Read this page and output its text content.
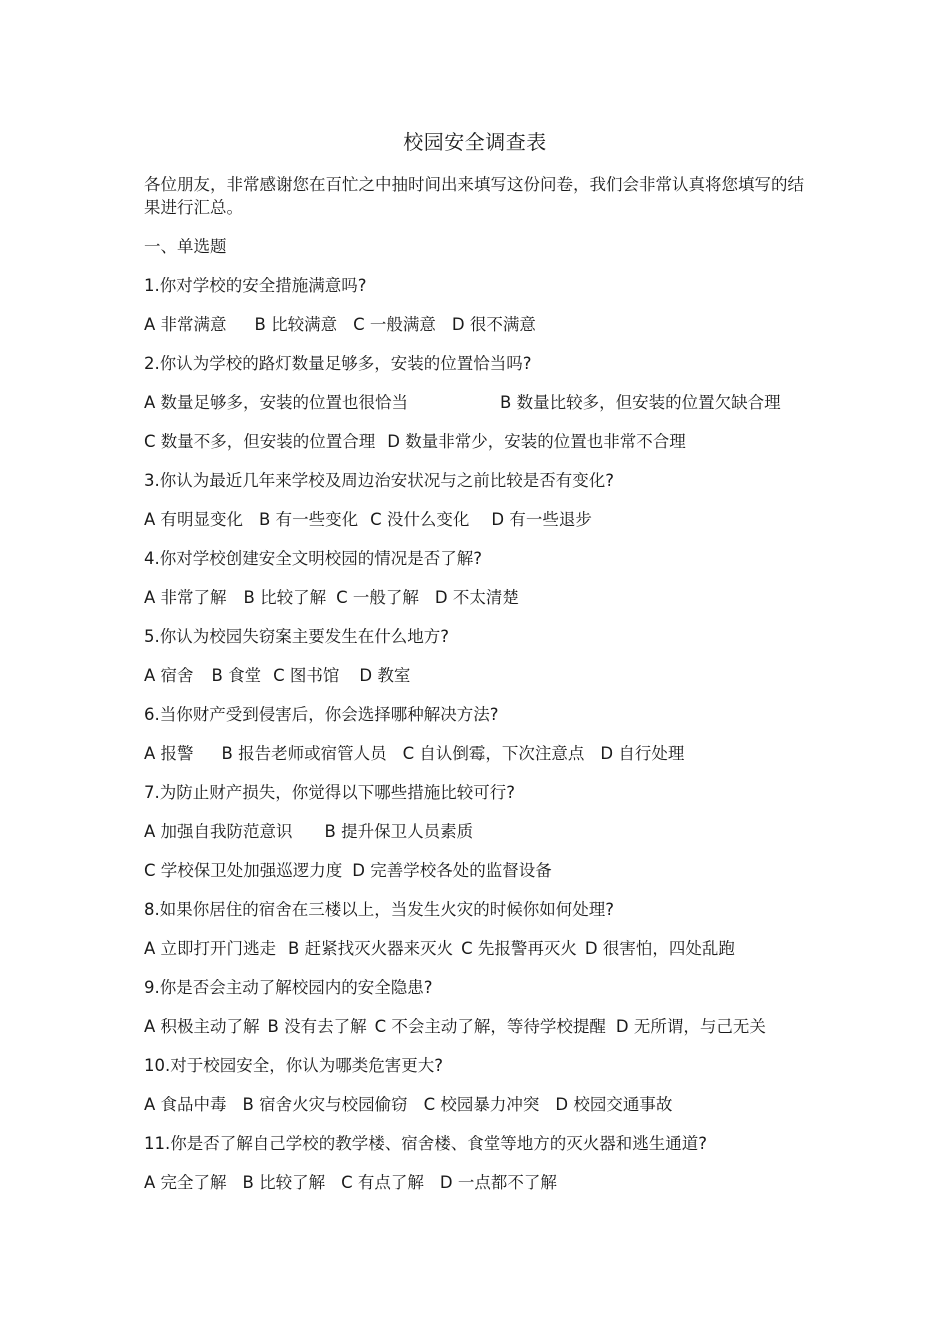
校园安全调查表

各位朋友，非常感谢您在百忙之中抽时间出来填写这份问卷，我们会非常认真将您填写的结果进行汇总。

一、单选题
1.你对学校的安全措施满意吗?
A 非常满意 B 比较满意 C 一般满意 D 很不满意
2.你认为学校的路灯数量足够多，安装的位置恰当吗?
A 数量足够多，安装的位置也很恰当	B 数量比较多，但安装的位置欠缺合理
C 数量不多，但安装的位置合理 D 数量非常少，安装的位置也非常不合理
3.你认为最近几年来学校及周边治安状况与之前比较是否有变化?
A 有明显变化 B 有一些变化 C 没什么变化 D 有一些退步
4.你对学校创建安全文明校园的情况是否了解?
A 非常了解 B 比较了解 C 一般了解 D 不太清楚
5.你认为校园失窃案主要发生在什么地方?
A 宿舍 B 食堂 C 图书馆 D 教室
6.当你财产受到侵害后，你会选择哪种解决方法?
A 报警 B 报告老师或宿管人员 C 自认倒霉，下次注意点 D 自行处理
7.为防止财产损失，你觉得以下哪些措施比较可行?
A 加强自我防范意识 B 提升保卫人员素质
C 学校保卫处加强巡逻力度 D 完善学校各处的监督设备
8.如果你居住的宿舍在三楼以上，当发生火灾的时候你如何处理?
A 立即打开门逃走 B 赶紧找灭火器来灭火 C 先报警再灭火 D 很害怕，四处乱跑
9.你是否会主动了解校园内的安全隐患?
A 积极主动了解 B 没有去了解 C 不会主动了解，等待学校提醒 D 无所谓，与己无关
10.对于校园安全，你认为哪类危害更大?
A 食品中毒 B 宿舍火灾与校园偷窃 C 校园暴力冲突 D 校园交通事故
11.你是否了解自己学校的教学楼、宿舍楼、食堂等地方的灭火器和逃生通道?
A 完全了解 B 比较了解 C 有点了解 D 一点都不了解
